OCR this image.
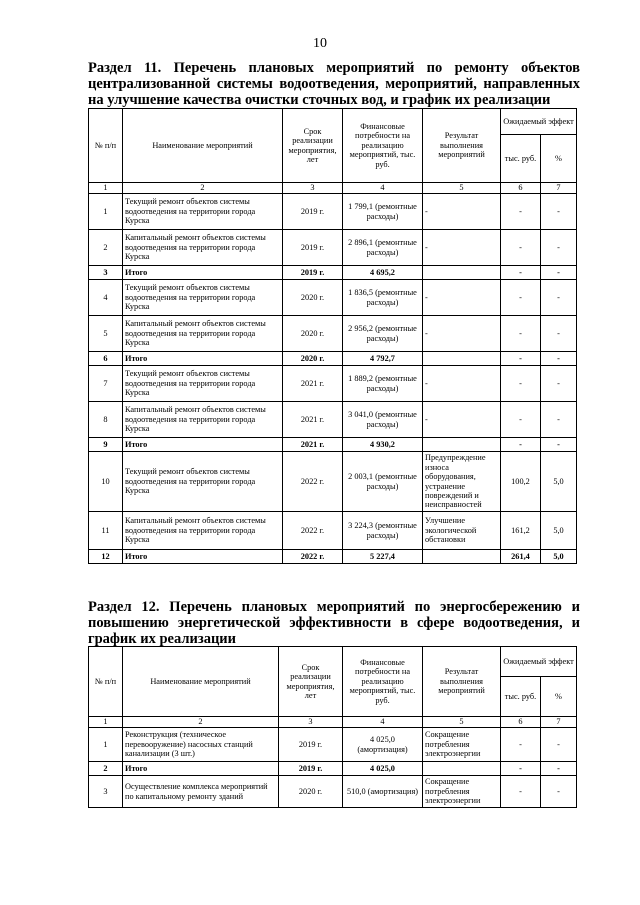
10
Раздел 11. Перечень плановых мероприятий по ремонту объектов централизованной системы водоотведения, мероприятий, направленных на улучшение качества очистки сточных вод, и график их реализации
№ п/п	Наименование мероприятий	Срок реализации мероприятия, лет	Финансовые потребности на реализацию мероприятий, тыс. руб.	Результат выполнения мероприятий	Ожидаемый эффект	
					тыс. руб.	%
1	2	3	4	5	6	7
1	Текущий ремонт объектов системы водоотведения на территории города Курска	2019 г.	1 799,1 (ремонтные расходы)	-	-	-
2	Капитальный ремонт объектов системы водоотведения на территории города Курска	2019 г.	2 896,1 (ремонтные расходы)	-	-	-
3	Итого	2019 г.	4 695,2		-	-
4	Текущий ремонт объектов системы водоотведения на территории города Курска	2020 г.	1 836,5 (ремонтные расходы)	-	-	-
5	Капитальный ремонт объектов системы водоотведения на территории города Курска	2020 г.	2 956,2 (ремонтные расходы)	-	-	-
6	Итого	2020 г.	4 792,7		-	-
7	Текущий ремонт объектов системы водоотведения на территории города Курска	2021 г.	1 889,2 (ремонтные расходы)	-	-	-
8	Капитальный ремонт объектов системы водоотведения на территории города Курска	2021 г.	3 041,0 (ремонтные расходы)	-	-	-
9	Итого	2021 г.	4 930,2		-	-
10	Текущий ремонт объектов системы водоотведения на территории города Курска	2022 г.	2 003,1 (ремонтные расходы)	Предупреждение износа оборудования, устранение повреждений и неисправностей	100,2	5,0
11	Капитальный ремонт объектов системы водоотведения на территории города Курска	2022 г.	3 224,3 (ремонтные расходы)	Улучшение экологической обстановки	161,2	5,0
12	Итого	2022 г.	5 227,4		261,4	5,0
Раздел 12. Перечень плановых мероприятий по энергосбережению и повышению энергетической эффективности в сфере водоотведения, и график их реализации
№ п/п	Наименование мероприятий	Срок реализации мероприятия, лет	Финансовые потребности на реализацию мероприятий, тыс. руб.	Результат выполнения мероприятий	Ожидаемый эффект	
					тыс. руб.	%
1	2	3	4	5	6	7
1	Реконструкция (техническое перевооружение) насосных станций канализации (3 шт.)	2019 г.	4 025,0 (амортизация)	Сокращение потребления электроэнергии	-	-
2	Итого	2019 г.	4 025,0		-	-
3	Осуществление комплекса мероприятий по капитальному ремонту зданий	2020 г.	510,0 (амортизация)	Сокращение потребления электроэнергии	-	-
